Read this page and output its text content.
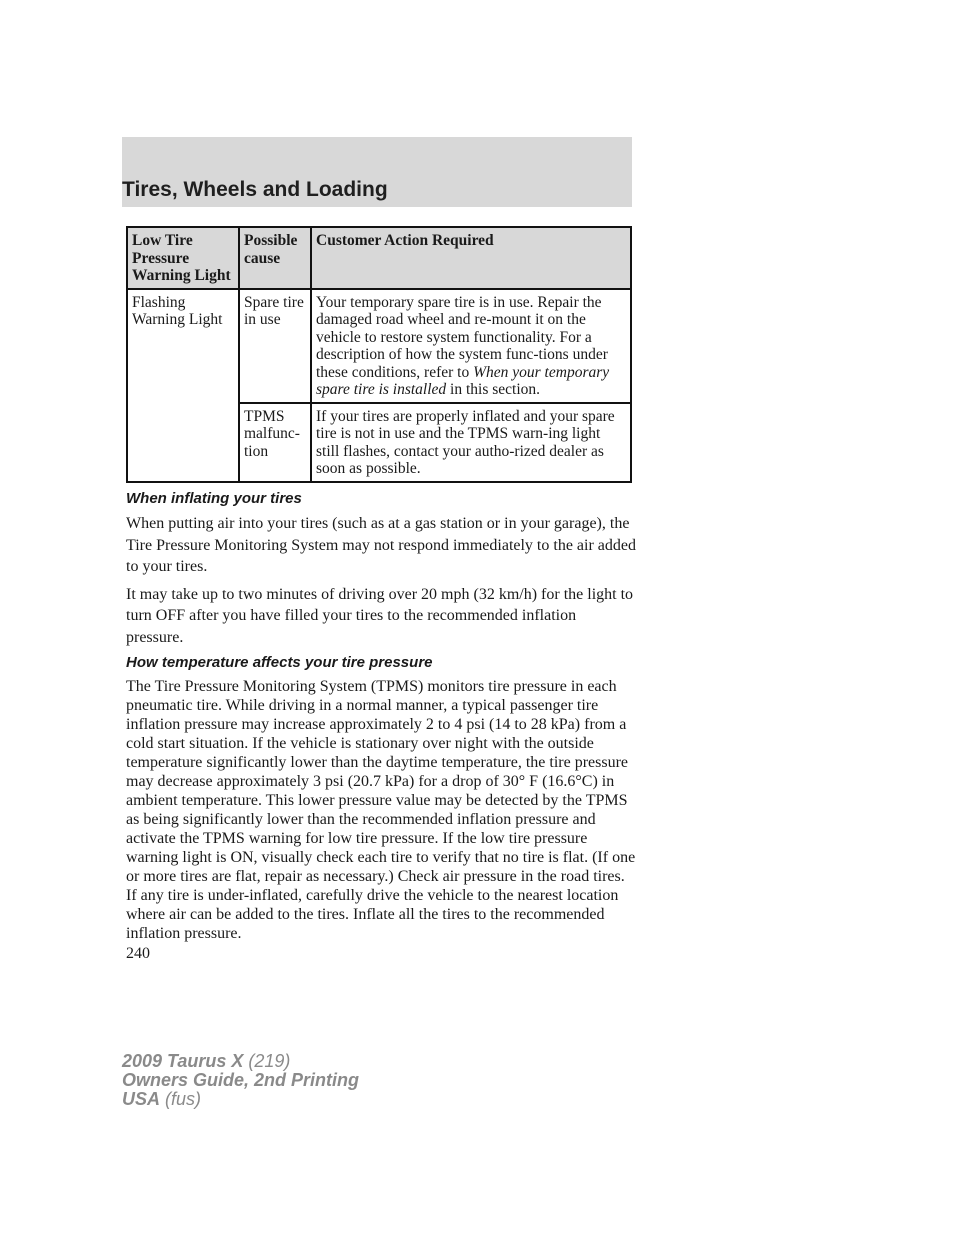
Tires, Wheels and Loading
Low Tire Pressure Warning Light	Possible cause	Customer Action Required
Flashing Warning Light	Spare tire in use	Your temporary spare tire is in use. Repair the damaged road wheel and re-mount it on the vehicle to restore system functionality. For a description of how the system func-tions under these conditions, refer to When your temporary spare tire is installed in this section.
	TPMS malfunc-tion	If your tires are properly inflated and your spare tire is not in use and the TPMS warn-ing light still flashes, contact your autho-rized dealer as soon as possible.
When inflating your tires

When putting air into your tires (such as at a gas station or in your garage), the Tire Pressure Monitoring System may not respond immediately to the air added to your tires.

It may take up to two minutes of driving over 20 mph (32 km/h) for the light to turn OFF after you have filled your tires to the recommended inflation pressure.

How temperature affects your tire pressure

The Tire Pressure Monitoring System (TPMS) monitors tire pressure in each pneumatic tire. While driving in a normal manner, a typical passenger tire inflation pressure may increase approximately 2 to 4 psi (14 to 28 kPa) from a cold start situation. If the vehicle is stationary over night with the outside temperature significantly lower than the daytime temperature, the tire pressure may decrease approximately 3 psi (20.7 kPa) for a drop of 30° F (16.6°C) in ambient temperature. This lower pressure value may be detected by the TPMS as being significantly lower than the recommended inflation pressure and activate the TPMS warning for low tire pressure. If the low tire pressure warning light is ON, visually check each tire to verify that no tire is flat. (If one or more tires are flat, repair as necessary.) Check air pressure in the road tires. If any tire is under-inflated, carefully drive the vehicle to the nearest location where air can be added to the tires. Inflate all the tires to the recommended inflation pressure.

240
2009 Taurus X (219)
Owners Guide, 2nd Printing
USA (fus)
